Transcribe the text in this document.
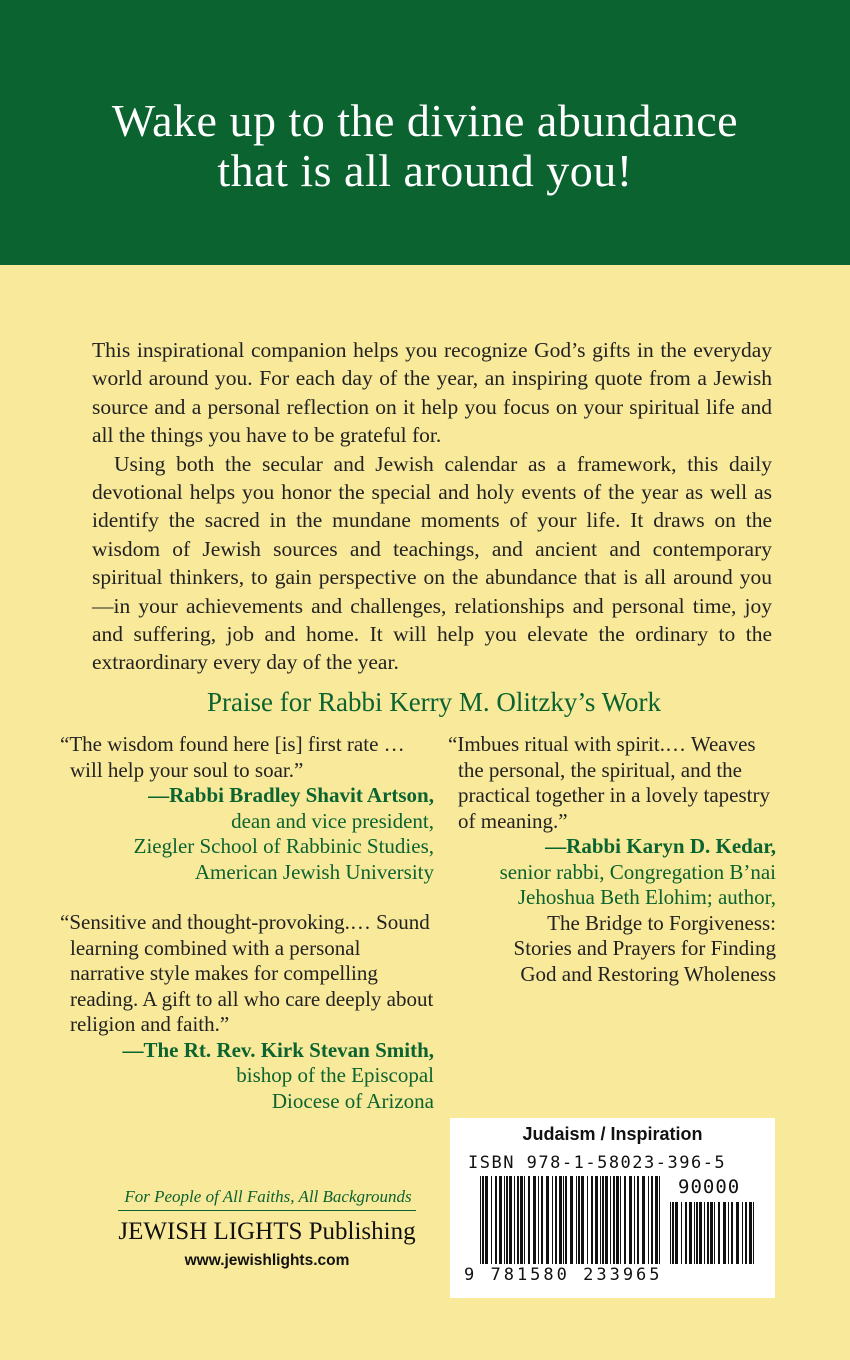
Wake up to the divine abundance
that is all around you!

This inspirational companion helps you recognize God’s gifts in the everyday world around you. For each day of the year, an inspiring quote from a Jewish source and a personal reflection on it help you focus on your spiritual life and all the things you have to be grateful for.

Using both the secular and Jewish calendar as a framework, this daily devotional helps you honor the special and holy events of the year as well as identify the sacred in the mundane moments of your life. It draws on the wisdom of Jewish sources and teachings, and ancient and contemporary spiritual thinkers, to gain perspective on the abundance that is all around you—in your achievements and challenges, relationships and personal time, joy and suffering, job and home. It will help you elevate the ordinary to the extraordinary every day of the year.

Praise for Rabbi Kerry M. Olitzky’s Work

“The wisdom found here [is] first rate … will help your soul to soar.”

—Rabbi Bradley Shavit Artson,

dean and vice president,

Ziegler School of Rabbinic Studies,

American Jewish University

“Sensitive and thought-provoking.… Sound learning combined with a personal narrative style makes for compelling reading. A gift to all who care deeply about religion and faith.”

—The Rt. Rev. Kirk Stevan Smith,

bishop of the Episcopal

Diocese of Arizona

“Imbues ritual with spirit.… Weaves the personal, the spiritual, and the practical together in a lovely tapestry of meaning.”

—Rabbi Karyn D. Kedar,

senior rabbi, Congregation B’nai

Jehoshua Beth Elohim; author,

The Bridge to Forgiveness:

Stories and Prayers for Finding

God and Restoring Wholeness

For People of All Faiths, All Backgrounds
JEWISH LIGHTS Publishing
www.jewishlights.com
Judaism / Inspiration
ISBN 978-1-58023-396-5
90000
9 781580 233965
